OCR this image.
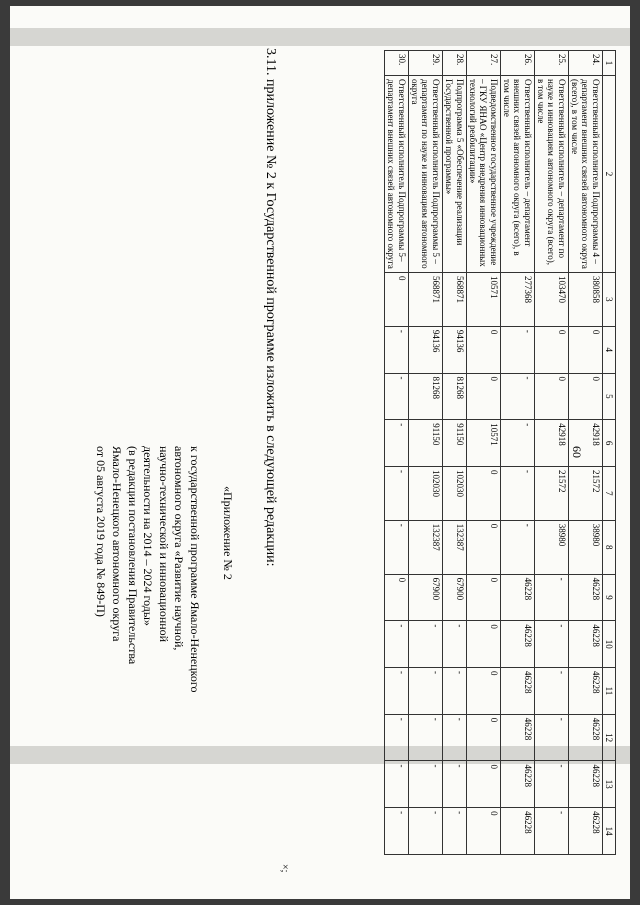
60
1	2	3	4	5	6	7	8	9	10	11	12	13	14
24.	Ответственный исполнитель Подпрограммы 4 – департамент внешних связей автономного округа (всего), в том числе	380858	0	0	42918	21572	38980	46228	46228	46228	46228	46228	46228
25.	Ответственный исполнитель – департамент по науке и инновациям автономного округа (всего), в том числе	103470	0	0	42918	21572	38980	-	-	-	-	-	-
26.	Ответственный исполнитель – департамент внешних связей автономного округа (всего), в том числе	277368	-	-	-	-	-	46228	46228	46228	46228	46228	46228
27.	Подведомственное государственное учреждение – ГКУ ЯНАО «Центр внедрения инновационных технологий реабилитации»	10571	0	0	10571	0	0	0	0	0	0	0	0
28.	Подпрограмма 5 «Обеспечение реализации Государственной программы»	568871	94136	81268	91150	102030	132387	67900	-	-	-	-	-
29.	Ответственный исполнитель Подпрограммы 5 – департамент по науке и инновациям автономного округа	568871	94136	81268	91150	102030	132387	67900	-	-	-	-	-
30.	Ответственный исполнитель Подпрограммы 5– департамент внешних связей автономного округа	0	-	-	-	-	-	0	-	-	-	-	-
3.11. приложение № 2 к Государственной программе изложить в следующей редакции:
«Приложение № 2
к государственной программе Ямало-Ненецкого
автономного округа «Развитие научной,
научно-технической и инновационной
деятельности на 2014 – 2024 годы»
(в редакции постановления Правительства
Ямало-Ненецкого автономного округа
от 05 августа 2019 года № 849-П)
×;
